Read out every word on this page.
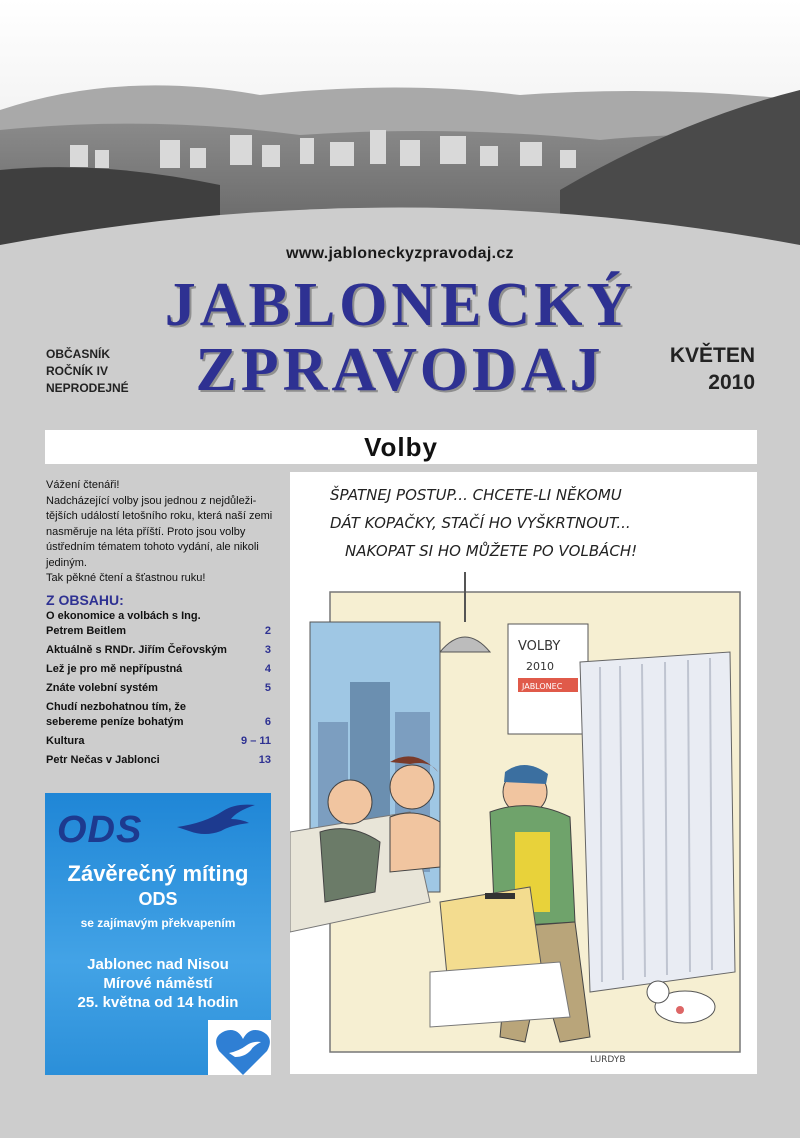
www.jabloneckyzpravodaj.cz
JABLONECKÝ
ZPRAVODAJ
OBČASNÍK
ROČNÍK IV
NEPRODEJNÉ
KVĚTEN
2010
Volby
Vážení čtenáři!
Nadcházející volby jsou jednou z nejdůleži-tějších událostí letošního roku, která naší zemi nasměruje na léta příští. Proto jsou volby ústředním tématem tohoto vydání, ale nikoli jediným.
Tak pěkné čtení a šťastnou ruku!
Z OBSAHU:
O ekonomice a volbách s Ing. Petrem Beitlem	2
Aktuálně s RNDr. Jiřím Čeřovským	3
Lež je pro mě nepřípustná	4
Znáte volební systém	5
Chudí nezbohatnou tím, že sebereme peníze bohatým	6
Kultura	9 – 11
Petr Nečas v Jablonci	13
ODS
Závěrečný míting
ODS
se zajímavým překvapením
Jablonec nad Nisou
Mírové náměstí
25. května od 14 hodin
ŠPATNEJ POSTUP... CHCETE-LI NĚKOMU
DÁT KOPAČKY, STAČÍ HO VYŠKRTNOUT...
NAKOPAT SI HO MŮŽETE PO VOLBÁCH!
VOLBY
2010
JABLONEC
LURDYB
